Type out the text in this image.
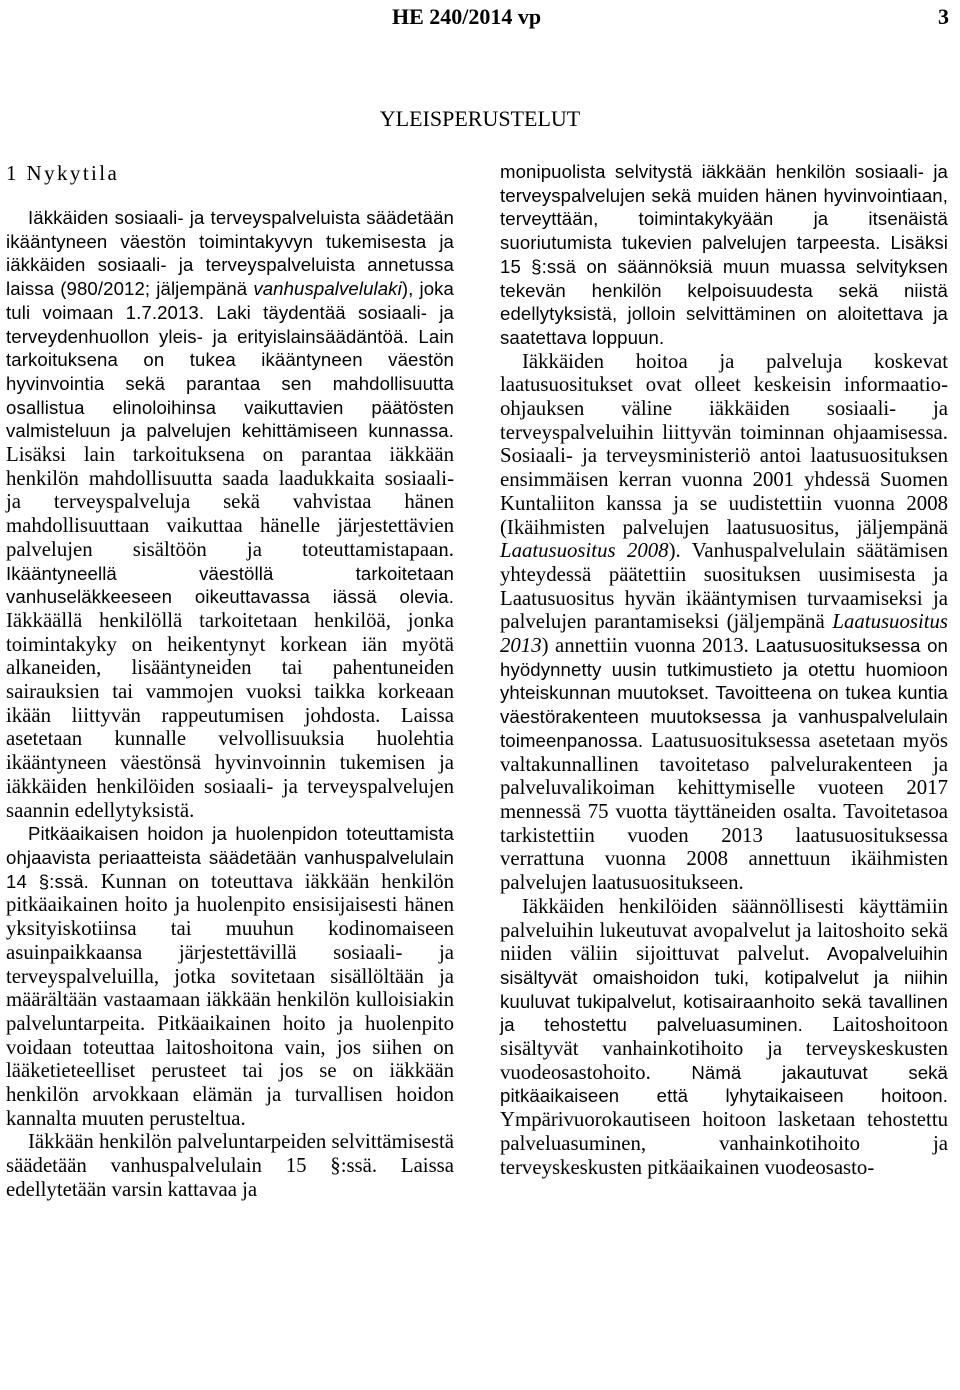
HE 240/2014 vp	3
YLEISPERUSTELUT
1 Nykytila

Iäkkäiden sosiaali- ja terveyspalveluista säädetään ikääntyneen väestön toimintakyvyn tukemisesta ja iäkkäiden sosiaali- ja terveyspalveluista annetussa laissa (980/2012; jäljempänä vanhuspalvelulaki), joka tuli voimaan 1.7.2013. Laki täydentää sosiaali- ja terveydenhuollon yleis- ja erityislainsäädäntöä. Lain tarkoituksena on tukea ikääntyneen väestön hyvinvointia sekä parantaa sen mahdollisuutta osallistua elinoloihinsa vaikuttavien päätösten valmisteluun ja palvelujen kehittämiseen kunnassa. Lisäksi lain tarkoituksena on parantaa iäkkään henkilön mahdollisuutta saada laadukkaita sosiaali- ja terveyspalveluja sekä vahvistaa hänen mahdollisuuttaan vaikuttaa hänelle järjestettävien palvelujen sisältöön ja toteuttamistapaan. Ikääntyneellä väestöllä tarkoitetaan vanhuseläkkeeseen oikeuttavassa iässä olevia. Iäkkäällä henkilöllä tarkoitetaan henkilöä, jonka toimintakyky on heikentynyt korkean iän myötä alkaneiden, lisääntyneiden tai pahentuneiden sairauksien tai vammojen vuoksi taikka korkeaan ikään liittyvän rappeutumisen johdosta. Laissa asetetaan kunnalle velvollisuuksia huolehtia ikääntyneen väestönsä hyvinvoinnin tukemisen ja iäkkäiden henkilöiden sosiaali- ja terveyspalvelujen saannin edellytyksistä.

Pitkäaikaisen hoidon ja huolenpidon toteuttamista ohjaavista periaatteista säädetään vanhuspalvelulain 14 §:ssä. Kunnan on toteuttava iäkkään henkilön pitkäaikainen hoito ja huolenpito ensisijaisesti hänen yksityiskotiinsa tai muuhun kodinomaiseen asuinpaikkaansa järjestettävillä sosiaali- ja terveyspalveluilla, jotka sovitetaan sisällöltään ja määrältään vastaamaan iäkkään henkilön kulloisiakin palveluntarpeita. Pitkäaikainen hoito ja huolenpito voidaan toteuttaa laitoshoitona vain, jos siihen on lääketieteelliset perusteet tai jos se on iäkkään henkilön arvokkaan elämän ja turvallisen hoidon kannalta muuten perusteltua.

Iäkkään henkilön palveluntarpeiden selvittämisestä säädetään vanhuspalvelulain 15 §:ssä. Laissa edellytetään varsin kattavaa ja

monipuolista selvitystä iäkkään henkilön sosiaali- ja terveyspalvelujen sekä muiden hänen hyvinvointiaan, terveyttään, toimintakykyään ja itsenäistä suoriutumista tukevien palvelujen tarpeesta. Lisäksi 15 §:ssä on säännöksiä muun muassa selvityksen tekevän henkilön kelpoisuudesta sekä niistä edellytyksistä, jolloin selvittäminen on aloitettava ja saatettava loppuun.

Iäkkäiden hoitoa ja palveluja koskevat laatusuositukset ovat olleet keskeisin informaatio-ohjauksen väline iäkkäiden sosiaali- ja terveyspalveluihin liittyvän toiminnan ohjaamisessa. Sosiaali- ja terveysministeriö antoi laatusuosituksen ensimmäisen kerran vuonna 2001 yhdessä Suomen Kuntaliiton kanssa ja se uudistettiin vuonna 2008 (Ikäihmisten palvelujen laatusuositus, jäljempänä Laatusuositus 2008). Vanhuspalvelulain säätämisen yhteydessä päätettiin suosituksen uusimisesta ja Laatusuositus hyvän ikääntymisen turvaamiseksi ja palvelujen parantamiseksi (jäljempänä Laatusuositus 2013) annettiin vuonna 2013. Laatusuosituksessa on hyödynnetty uusin tutkimustieto ja otettu huomioon yhteiskunnan muutokset. Tavoitteena on tukea kuntia väestörakenteen muutoksessa ja vanhuspalvelulain toimeenpanossa. Laatusuosituksessa asetetaan myös valtakunnallinen tavoitetaso palvelurakenteen ja palveluvalikoiman kehittymiselle vuoteen 2017 mennessä 75 vuotta täyttäneiden osalta. Tavoitetasoa tarkistettiin vuoden 2013 laatusuosituksessa verrattuna vuonna 2008 annettuun ikäihmisten palvelujen laatusuositukseen.

Iäkkäiden henkilöiden säännöllisesti käyttämiin palveluihin lukeutuvat avopalvelut ja laitoshoito sekä niiden väliin sijoittuvat palvelut. Avopalveluihin sisältyvät omaishoidon tuki, kotipalvelut ja niihin kuuluvat tukipalvelut, kotisairaanhoito sekä tavallinen ja tehostettu palveluasuminen. Laitoshoitoon sisältyvät vanhainkotihoito ja terveyskeskusten vuodeosastohoito. Nämä jakautuvat sekä pitkäaikaiseen että lyhytaikaiseen hoitoon. Ympärivuorokautiseen hoitoon lasketaan tehostettu palveluasuminen, vanhainkotihoito ja terveyskeskusten pitkäaikainen vuodeosasto-
